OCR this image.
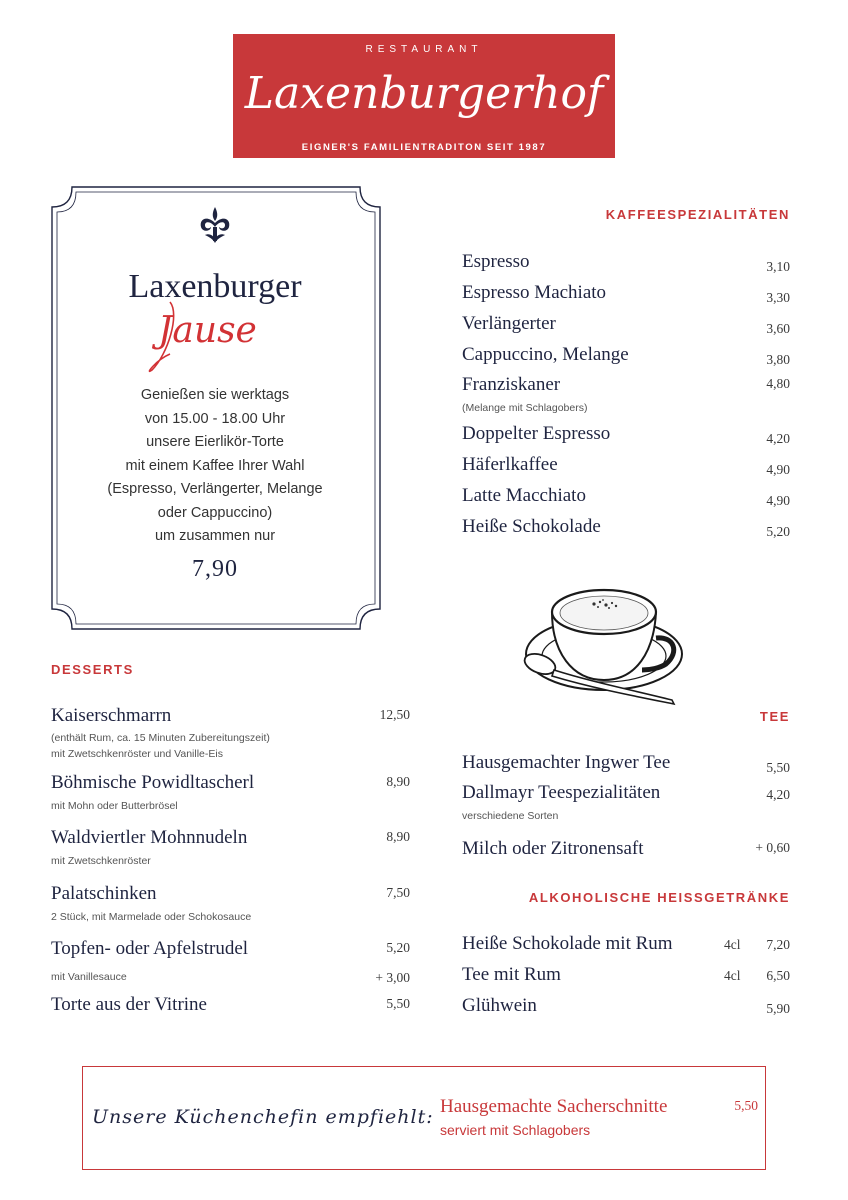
RESTAURANT
Laxenburgerhof
EIGNER'S FAMILIENTRADITON SEIT 1987
Laxenburger
Jause
Genießen sie werktags
von 15.00 - 18.00 Uhr
unsere Eierlikör-Torte
mit einem Kaffee Ihrer Wahl
(Espresso, Verlängerter, Melange
oder Cappuccino)
um zusammen nur
7,90
KAFFEESPEZIALITÄTEN
Espresso	3,10
Espresso Machiato	3,30
Verlängerter	3,60
Cappuccino, Melange	3,80
Franziskaner	4,80
(Melange mit Schlagobers)
Doppelter Espresso	4,20
Häferlkaffee	4,90
Latte Macchiato	4,90
Heiße Schokolade	5,20
TEE
Hausgemachter Ingwer Tee	5,50
Dallmayr Teespezialitäten	4,20
verschiedene Sorten
Milch oder Zitronensaft	+ 0,60
ALKOHOLISCHE HEISSGETRÄNKE
Heiße Schokolade mit Rum	4cl 7,20
Tee mit Rum	4cl 6,50
Glühwein	5,90
DESSERTS
Kaiserschmarrn	12,50
(enthält Rum, ca. 15 Minuten Zubereitungszeit)
mit Zwetschkenröster und Vanille-Eis
Böhmische Powidltascherl	8,90
mit Mohn oder Butterbrösel
Waldviertler Mohnnudeln	8,90
mit Zwetschkenröster
Palatschinken	7,50
2 Stück, mit Marmelade oder Schokosauce
Topfen- oder Apfelstrudel	5,20
mit Vanillesauce	+ 3,00
Torte aus der Vitrine	5,50
Unsere Küchenchefin empfiehlt: Hausgemachte Sacherschnitte
serviert mit Schlagobers
5,50
